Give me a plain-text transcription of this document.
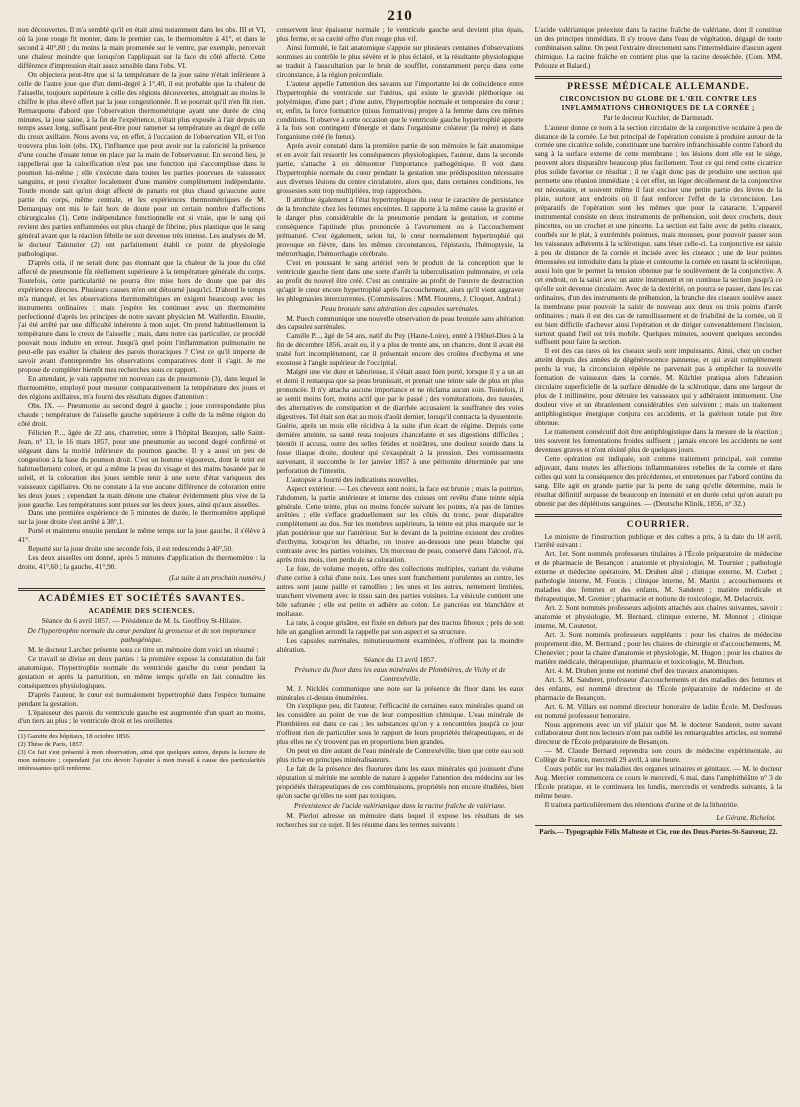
210

non découvertes. Il m'a semblé qu'il en était ainsi notamment dans les obs. III et VI, où la joue rouge fit monter, dans le premier cas, le thermomètre à 41°, et dans le second à 40°,80 ; du moins la main promenée sur le ventre, par exemple, percevait une chaleur moindre que lorsqu'on l'appliquait sur la face du côté affecté. Cette différence d'impression était assez sensible dans l'obs. VI.

On objectera peut-être que si la température de la joue saine n'était inférieure à celle de l'autre joue que d'un demi-degré à 1°,40, il est probable que la chaleur de l'aisselle, toujours supérieure à celle des régions découvertes, atteignait au moins le chiffre le plus élevé offert par la joue congestionnée. Il se pourrait qu'il n'en fût rien. Remarquons d'abord que l'observation thermométrique ayant une durée de cinq minutes, la joue saine, à la fin de l'expérience, n'était plus exposée à l'air depuis un temps assez long, suffisant peut-être pour ramener sa température au degré de celle du creux axillaire. Nous avons vu, en effet, à l'occasion de l'observation VII, et l'on trouvera plus loin (obs. IX), l'influence que peut avoir sur la caloricité la présence d'une couche d'ouate tenue en place par la main de l'observateur. En second lieu, je rappellerai que la calorification n'est pas une fonction qui s'accomplisse dans le poumon lui-même ; elle s'exécute dans toutes les parties pourvues de vaisseaux sanguins, et peut s'exalter localement d'une manière complètement indépendante. Toutle monde sait qu'un doigt affecté de panaris est plus chaud qu'aucune autre partie du corps, même centrale, et les expériences thermométriques de M. Demarquay ont mis le fait hors de doute pour un certain nombre d'affections chirurgicales (1). Cette indépendance fonctionnelle est si vraie, que le sang qui revient des parties enflammées est plus chargé de fibrine, plus plastique que le sang général avant que la réaction fébrile ne soit devenue très intense. Les analyses de M. le docteur Tainturier (2) ont parfaitement établi ce point de physiologie pathologique.

D'après cela, il ne serait donc pas étonnant que la chaleur de la joue du côté affecté de pneumonie fût réellement supérieure à la température générale du corps. Toutefois, cette particularité ne pourra être mise hors de doute que par des expériences directes. Plusieurs causes m'en ont détourné jusqu'ici. D'abord le temps m'a manqué, et les observations thermométriques en exigent beaucoup avec les instruments ordinaires : mais j'espère les continuer avec un thermomètre perfectionné d'après les principes de notre savant physicien M. Walferdin. Ensuite, j'ai été arrêté par une difficulté inhérente à mon sujet. On prend habituellement la température dans le creux de l'aisselle ; mais, dans notre cas particulier, ce procédé pouvait nous induire en erreur. Jusqu'à quel point l'inflammation pulmonaire ne peut-elle pas exalter la chaleur des parois thoraciques ? C'est ce qu'il importe de savoir avant d'entreprendre les observations comparatives dont il s'agit. Je me propose de compléter bientôt mes recherches sous ce rapport.

En attendant, je vais rapporter un nouveau cas de pneumonie (3), dans lequel le thermomètre, employé pour mesurer comparativement la température des joues et des régions axillaires, m'a fourni des résultats dignes d'attention :

Obs. IX. — Pneumonie au second degré à gauche ; joue correspondante plus chaude ; température de l'aisselle gauche supérieure à celle de la même région du côté droit.

Félicien P..., âgée de 22 ans, charretier, entre à l'hôpital Beaujon, salle Saint-Jean, n° 13, le 16 mars 1857, pour une pneumonie au second degré confirmé et siégeant dans la moitié inférieure du poumon gauche. Il y a aussi un peu de congestion à la base du poumon droit. C'est un homme vigoureux, dont le teint est habituellement coloré, et qui a même la peau du visage et des mains basanée par le soleil, et la coloration des joues semble tenir à une sorte d'état variqueux des vaisseaux capillaires. On ne constate à la vue aucune différence de coloration entre les deux joues ; cependant la main dénote une chaleur évidemment plus vive de la joue gauche. Les températures sont prises sur les deux joues, ainsi qu'aux aisselles.

Dans une première expérience de 5 minutes de durée, le thermomètre appliqué sur la joue droite s'est arrêté à 38°,1.

Porté et maintenu ensuite pendant le même temps sur la joue gauche, il s'élève à 41°.

Reporté sur la joue droite une seconde fois, il est redescendu à 40°,50.

Les deux aisselles ont donné, après 5 minutes d'application du thermomètre : la droite, 41°,60 ; la gauche, 41°,90.

(La suite à un prochain numéro.)
ACADÉMIES ET SOCIÉTÉS SAVANTES.
ACADÉMIE DES SCIENCES.
Séance du 6 avril 1857. — Présidence de M. Is. Geoffroy St-Hilaire.
De l'hypertrophie normale du cœur pendant la grossesse et de son importance pathogénique.

M. le docteur Larcher présente sous ce titre un mémoire dont voici un résumé :

Ce travail se divise en deux parties : la première expose la constatation du fait anatomique, l'hypertrophie normale du ventricule gauche du cœur pendant la gestation et après la parturition, en même temps qu'elle en fait connaître les conséquences physiologiques.

D'après l'auteur, le cœur est normalement hypertrophié dans l'espèce humaine pendant la gestation.

L'épaisseur des parois du ventricule gauche est augmentée d'un quart au moins, d'un tiers au plus ; le ventricule droit et les oreillettes

(1) Gazette des hôpitaux, 18 octobre 1856.
(2) Thèse de Paris, 1857.
(3) Ce fait s'est présenté à mon observation, ainsi que quelques autres, depuis la lecture de mon mémoire ; cependant j'ai cru devoir l'ajouter à mon travail à cause des particularités intéressantes qu'il renferme.

conservent leur épaisseur normale ; le ventricule gauche seul devient plus épais, plus ferme, et sa cavité offre d'un rouge plus vif.

Ainsi formulé, le fait anatomique s'appuie sur plusieurs centaines d'observations soumises au contrôle le plus sévère et le plus éclairé, et la résultante physiologique se traduit à l'auscultation par le bruit de soufflet, constamment perçu dans cette circonstance, à la région précordiale.

L'auteur appelle l'attention des savants sur l'importante loi de coïncidence entre l'hypertrophie du ventricule sur l'utérus, qui existe le gravide pléthorique ou polyémique, d'une part ; d'une autre, l'hypertrophie normale et temporaire du cœur ; et, enfin, la force formatrice (nisus formativus) propre à la femme dans ces mêmes conditions. Il observe à cette occasion que le ventricule gauche hypertrophié apporte à la fois son contingent d'énergie et dans l'organisme créateur (la mère) et dans l'organisme créé (le fœtus).

Après avoir constaté dans la première partie de son mémoire le fait anatomique et en avoir fait ressortir les conséquences physiologiques, l'auteur, dans la seconde partie, s'attache à en démontrer l'importance pathogénique. Il voit dans l'hypertrophie normale du cœur pendant la gestation une prédisposition nécessaire aux diverses lésions du centre circulatoire, alors que, dans certaines conditions, les grossesses sont trop multipliées, trop rapprochées.

Il attribue également à l'état hypertrophique du cœur le caractère de persistance de la bronchite chez les femmes enceintes. Il rapporte à la même cause la gravité et le danger plus considérable de la pneumonie pendant la gestation, et comme conséquence l'aptitude plus prononcée à l'avortement ou à l'accouchement prématuré. C'est également, selon lui, le cœur normalement hypertrophié qui provoque en fièvre, dans les mêmes circonstances, l'épistaxis, l'hémoptysie, la métrorrhagie, l'hémorrhagie cérébrale.

C'est en poussant le sang artériel vers le produit de la conception que le ventricule gauche tient dans une sorte d'arrêt la tuberculisation pulmonaire, et cela au profit du nouvel être créé. C'est au contraire au profit de l'œuvre de destruction qu'agit le cœur encore hypertrophié après l'accouchement, alors qu'il vient aggraver les phlegmasies intercurrentes. (Commissaires : MM. Flourens, J. Cloquet, Andral.)

Peau bronzée sans altération des capsules surrénales.

M. Puech communique une nouvelle observation de peau bronzée sans altération des capsules surrénales.

Camille P..., âgé de 54 ans, natif du Puy (Haute-Loire), entré à l'Hôtel-Dieu à la fin de décembre 1856, avait eu, il y a plus de trente ans, un chancre, dont il avait été traité fort incomplètement, car il présentait encore des croûtes d'ecthyma et une exostose à l'angle supérieur de l'occipital.

Malgré une vie dure et laborieuse, il s'était assez bien porté, lorsque il y a un an et demi il remarqua que sa peau brunissait, et prenait une teinte sale de plus en plus prononcée. Il n'y attacha aucune importance et ne réclama aucun soin. Toutefois, il se sentit moins fort, moins actif que par le passé ; des vomiturations, des nausées, des alternatives de constipation et de diarrhée accusaient la souffrance des voies digestives. Tel était son état au mois d'août dernier, lorsqu'il contracta la dyssenterie. Guérie, après un mois elle récidiva à la suite d'un écart de régime. Depuis cette dernière atteinte, sa santé resta toujours chancelante et ses digestions difficiles ; bientôt il accusa, outre des selles fétides et noirâtres, une douleur sourde dans la fosse iliaque droite, douleur qui s'exaspérait à la pression. Des vomissements survenant, il succombe le 1er janvier 1857 à une péritonite déterminée par une perforation de l'intestin.

L'autopsie a fourni des indications nouvelles.

Aspect extérieur. — Les cheveux sont noirs, la face est brunie ; mais la poitrine, l'abdomen, la partie antérieure et interne des cuisses ont revêtu d'une teinte sépia générale. Cette teinte, plus ou moins foncée suivant les points, n'a pas de limites arrêtées ; elle s'efface graduellement sur les côtés du tronc, pour disparaître complètement au dos. Sur les membres supérieurs, la teinte est plus marquée sur le plan postérieur que sur l'antérieur. Sur le devant de la poitrine existent des croûtes d'ecthyma, lorsqu'on les détache, on trouve au-dessous une peau blanche qui contraste avec les parties voisines. Un morceau de peau, conservé dans l'alcool, n'a, après trois mois, rien perdu de sa coloration.

Le foie, de volume moyen, offre des collections multiples, variant du volume d'une cerise à celui d'une noix. Les unes sont franchement purulentes au centre, les autres sont jaune paille et ramollies ; les unes et les autres, nettement limitées, tranchent vivement avec le tissu sain des parties voisines. La vésicule contient une bile safranée ; elle est petite et adhère au colon. Le pancréas est blanchâtre et mollasse.

La rate, à coque grisâtre, est fixée en dehors par des tractus fibreux ; près de son hile un ganglion arrondi la rappelle par son aspect et sa structure.

Les capsules surrénales, minutieusement examinées, n'offrent pas la moindre altération.

Séance du 13 avril 1857.
Présence du fluor dans les eaux minérales de Plombières, de Vichy et de Contrexéville.

M. J. Nicklès communique une note sur la présence du fluor dans les eaux minérales ci-dessus énumérées.

On s'explique peu, dit l'auteur, l'efficacité de certaines eaux minérales quand on les considère au point de vue de leur composition chimique. L'eau minérale de Plombières est dans ce cas ; les substances qu'on y a rencontrées jusqu'à ce jour n'offrent rien de particulier sous le rapport de leurs propriétés thérapeutiques, et de plus elles ne s'y trouvent pas en proportions bien grandes.

On peut en dire autant de l'eau minérale de Contrexéville, bien que cette eau soit plus riche en principes minéralisateurs.

Le fait de la présence des fluorures dans les eaux minérales qui jouissent d'une réputation si méritée me semble de nature à appeler l'attention des médecins sur les propriétés thérapeutiques de ces combinaisons, propriétés non encore étudiées, bien qu'on sache qu'elles ne sont pas toxiques.

Préexistence de l'acide valérianique dans la racine fraîche de valériane.

M. Pierlot adresse un mémoire dans lequel il expose les résultats de ses recherches sur ce sujet. Il les résume dans les termes suivants :

L'acide valérianique préexiste dans la racine fraîche de valériane, dont il constitue un des principes immédiats. Il s'y trouve dans l'eau de végétation, dégagé de toute combinaison saline. On peut l'extraire directement sans l'intermédiaire d'aucun agent chimique. La racine fraîche en contient plus que la racine desséchée. (Com. MM. Pelouze et Balard.)

PRESSE MÉDICALE ALLEMANDE.
CIRCONCISION DU GLOBE DE L'ŒIL CONTRE LES INFLAMMATIONS CHRONIQUES DE LA CORNÉE ;
Par le docteur Kuchler, de Darmstadt.

L'auteur donne ce nom à la section circulaire de la conjonctive oculaire à peu de distance de la cornée. Le but principal de l'opération consiste à produire autour de la cornée une cicatrice solide, constituant une barrière infranchissable contre l'abord du sang à la surface externe de cette membrane ; les lésions dont elle est le siège, peuvent alors disparaître beaucoup plus facilement. Tout ce qui rend cette cicatrice plus solide favorise ce résultat ; il ne s'agit donc pas de produire une section qui permette une réunion immédiate ; à cet effet, un léger décollement de la conjonctive est nécessaire, et souvent même il faut exciser une petite partie des lèvres de la plaie, surtout aux endroits où il faut renforcer l'effet de la circoncision. Les préparatifs de l'opération sont les mêmes que pour la cataracte. L'appareil instrumental consiste en deux instruments de préhension, soit deux crochets, deux pincettes, ou un crochet et une pincette. La section est faite avec de petits ciseaux, courbés sur le plat, à extrémités pointues, mais mousses, pour pouvoir passer sous les vaisseaux adhérents à la sclérotique, sans léser celle-ci. La conjonctive est saisie à peu de distance de la cornée et incisée avec les ciseaux ; une de leur pointes émoussées est introduite dans la plaie et contourne la cornée en rasant la sclérotique, aussi loin que le permet la tension obtenue par le soulèvement de la conjonctive. A cet endroit, on la saisit avec un autre instrument et on continue la section jusqu'à ce qu'elle soit devenue circulaire. Avec de la dextérité, on pourra se passer, dans les cas ordinaires, d'un des instruments de préhension, la branche des ciseaux soulève assez la membrane pour pouvoir la saisir de nouveau aux deux ou trois points d'arrêt ordinaires ; mais il est des cas de ramollissement et de friabilité de la cornée, où il est bien difficile d'achever ainsi l'opération et de diriger convenablement l'incision, surtout quand l'œil est très mobile. Quelques minutes, souvent quelques secondes suffisent pour faire la section.

Il est des cas rares où les ciseaux seuls sont impuissants. Ainsi, chez un cocher atteint depuis des années de dégénérescence pannense, et qui avait complètement perdu la vue, la circoncision répétée ne parvenait pas à empêcher la nouvelle formation de vaisseaux dans la cornée. M. Küchler pratiqua alors l'abrasion circulaire superficielle de la surface dénudée de la sclérotique, dans une largeur de plus de 1 millimètre, pour détruire les vaisseaux qui y adhéraient intimement. Une douleur vive et un ébranlement considérables s'en suivirent ; mais un traitement antiphlogistique énergique conjura ces accidents, et la guérison totale put être obtenue.

Le traitement consécutif doit être antiphlogistique dans la mesure de la réaction ; très souvent les fomentations froides suffisent ; jamais encore les accidents ne sont devenues graves et n'ont résisté plus de quelques jours.

Cette opération est indiquée, soit comme traitement principal, soit comme adjuvant, dans toutes les affections inflammatoires rebelles de la cornée et dans celles qui sont la conséquence des précédentes, et entretenues par l'abord continu du sang. Elle agit en grande partie par la perte de sang qu'elle détermine, mais le résultat définitif surpasse de beaucoup en intensité et en durée celui qu'on aurait pu obtenir par des déplétions sanguines. — (Deutsche Klinik, 1856, n° 32.)

COURRIER.

Le ministre de l'instruction publique et des cultes a pris, à la date du 18 avril, l'arrêté suivant :

Art. 1er. Sont nommés professeurs titulaires à l'École préparatoire de médecine et de pharmacie de Besançon : anatomie et physiologie, M. Tournier ; pathologie externe et médecine opératoire, M. Druhen aîné ; clinique externe, M. Corbet ; pathologie interne, M. Foucis ; clinique interne, M. Martin ; accouchements et maladies des femmes et des enfants, M. Sanderet ; matière médicale et thérapeutique, M. Grenier ; pharmacie et notions de toxicologie, M. Delacroix.

Art. 2. Sont nommés professeurs adjoints attachés aux chaires suivantes, savoir : anatomie et physiologie, M. Bernard, clinique externe, M. Monnot ; clinique interne, M. Coutenot.

Art. 3. Sont nommés professeurs suppléants : pour les chaires de médecine proprement dite, M. Bertrand ; pour les chaires de chirurgie et d'accouchements, M. Chenevier ; pour la chaire d'anatomie et physiologie, M. Hugon ; pour les chaires de matière médicale, thérapeutique, pharmacie et toxicologie, M. Bruchon.

Art. 4. M. Druhen jeune est nommé chef des travaux anatomiques.

Art. 5. M. Sanderet, professeur d'accouchements et des maladies des femmes et des enfants, est nommé directeur de l'École préparatoire de médecine et de pharmacie de Besançon.

Art. 6. M. Villars est nommé directeur honoraire de ladite École. M. Desfosses est nommé professeur honoraire.

Nous apprenons avec un vif plaisir que M. le docteur Sanderet, notre savant collaborateur dont nos lecteurs n'ont pas oublié les remarquables articles, est nommé directeur de l'École préparatoire de Besançon.

— M. Claude Bernard reprendra son cours de médecine expérimentale, au Collège de France, mercredi 29 avril, à une heure.

Cours public sur les maladies des organes urinaires et génitaux. — M. le docteur Aug. Mercier commencera ce cours le mercredi, 6 mai, dans l'amphithéâtre n° 3 de l'École pratique, et le continuera les lundis, mercredis et vendredis suivants, à la même heure.

Il traitera particulièrement des rétentions d'urine et de la lithotritie.

Le Gérant, Richelot.
Paris.— Typographie Félix Malteste et Cie, rue des Deux-Portes-St-Sauveur, 22.
